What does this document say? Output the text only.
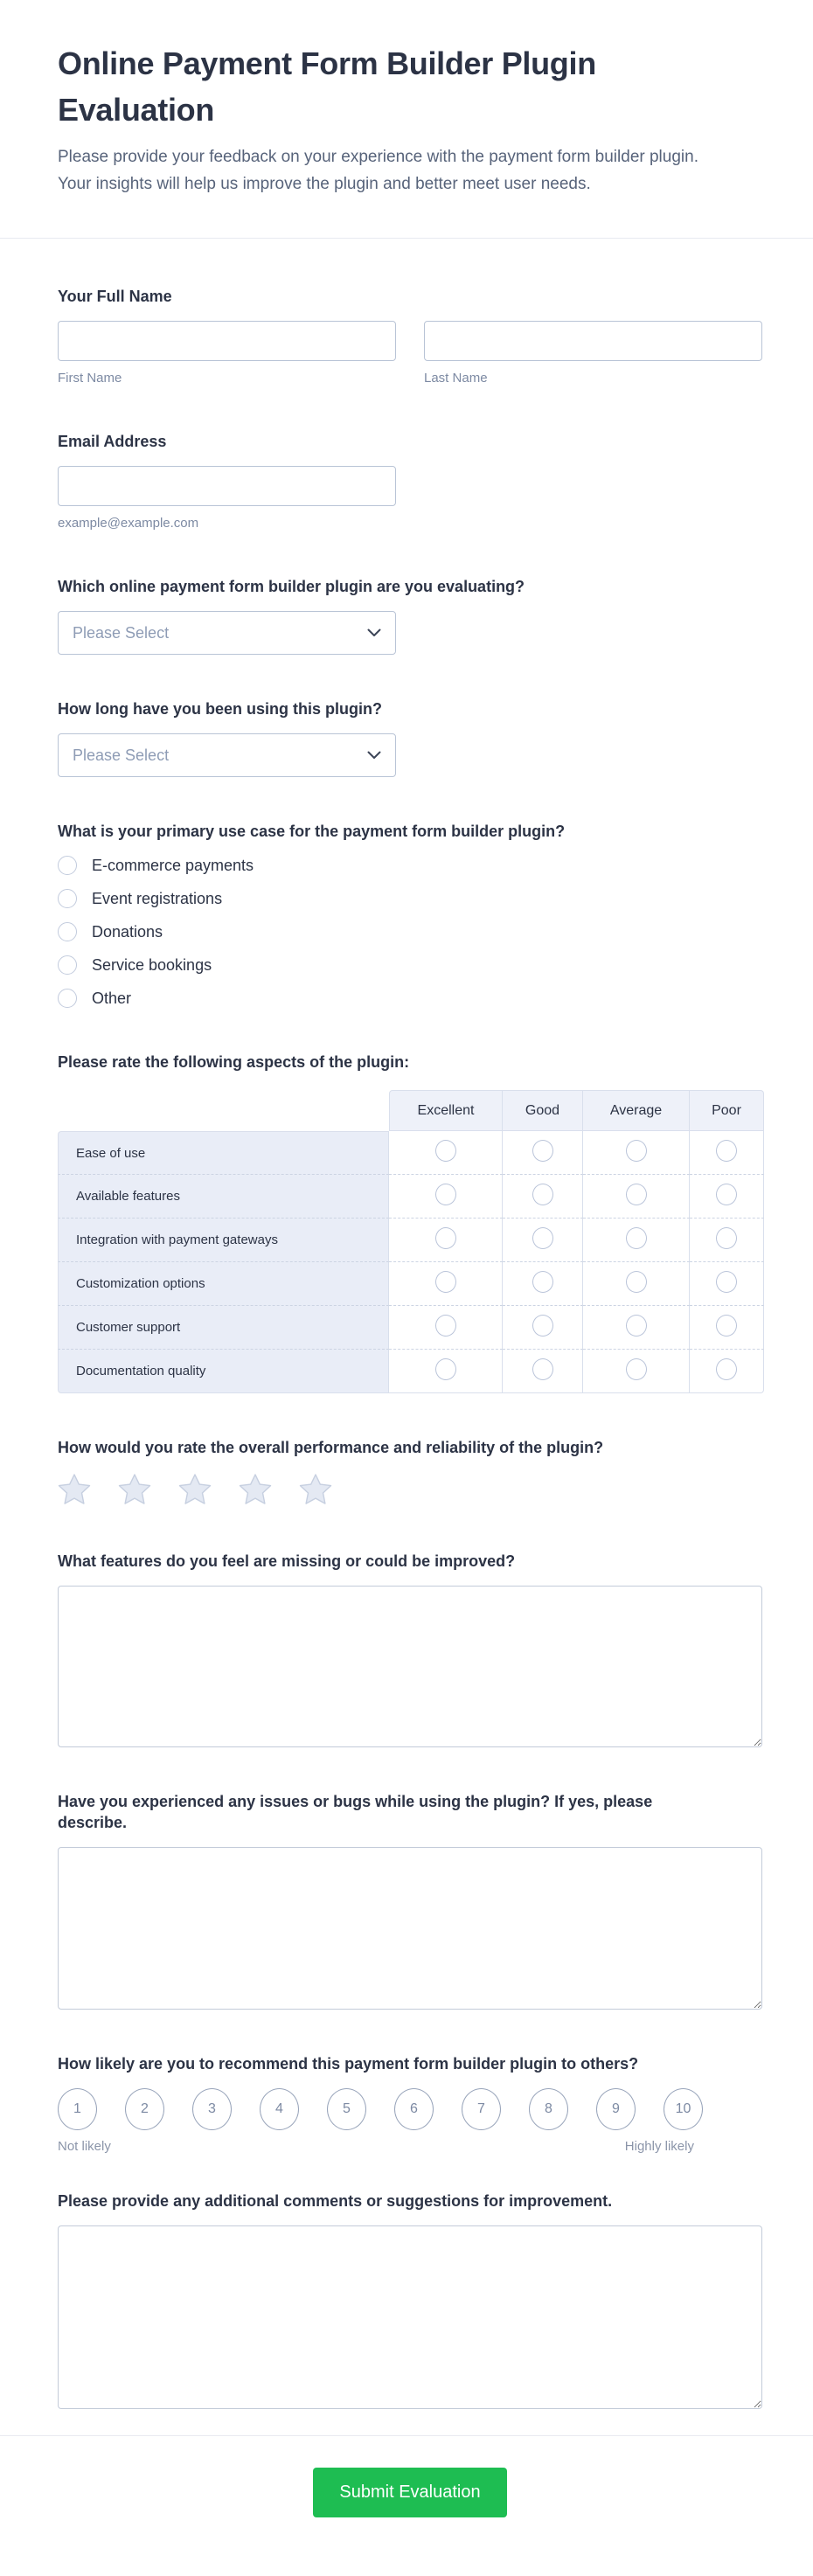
Online Payment Form Builder Plugin Evaluation

Please provide your feedback on your experience with the payment form builder plugin. Your insights will help us improve the plugin and better meet user needs.

Your Full Name
First Name	Last Name
Email Address
example@example.com
Which online payment form builder plugin are you evaluating?
Please Select
How long have you been using this plugin?
Please Select
What is your primary use case for the payment form builder plugin?
E-commerce payments
Event registrations
Donations
Service bookings
Other
Please rate the following aspects of the plugin:
	Excellent	Good	Average	Poor
Ease of use				
Available features				
Integration with payment gateways				
Customization options				
Customer support				
Documentation quality				
How would you rate the overall performance and reliability of the plugin?
What features do you feel are missing or could be improved?
Have you experienced any issues or bugs while using the plugin? If yes, please describe.
How likely are you to recommend this payment form builder plugin to others?
1	2	3	4	5	6	7	8	9	10
Not likely	Highly likely
Please provide any additional comments or suggestions for improvement.
Submit Evaluation
